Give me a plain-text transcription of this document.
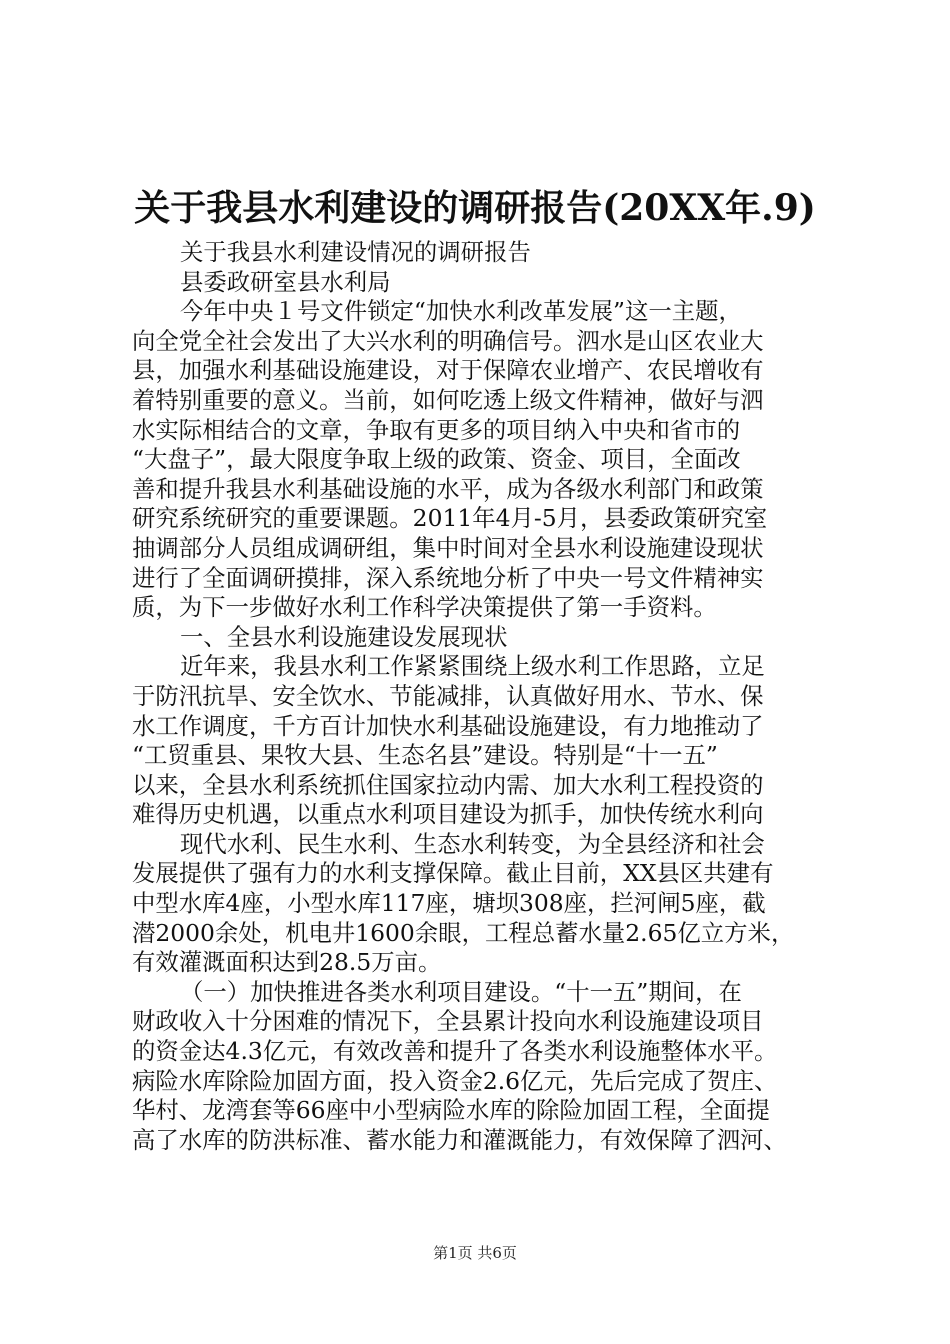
关于我县水利建设的调研报告(20XX年.9)
关于我县水利建设情况的调研报告
县委政研室县水利局
今年中央１号文件锁定“加快水利改革发展”这一主题，
向全党全社会发出了大兴水利的明确信号。泗水是山区农业大
县，加强水利基础设施建设，对于保障农业增产、农民增收有
着特别重要的意义。当前，如何吃透上级文件精神，做好与泗
水实际相结合的文章，争取有更多的项目纳入中央和省市的
“大盘子”，最大限度争取上级的政策、资金、项目，全面改
善和提升我县水利基础设施的水平，成为各级水利部门和政策
研究系统研究的重要课题。2011年4月-5月，县委政策研究室
抽调部分人员组成调研组，集中时间对全县水利设施建设现状
进行了全面调研摸排，深入系统地分析了中央一号文件精神实
质，为下一步做好水利工作科学决策提供了第一手资料。
一、全县水利设施建设发展现状
近年来，我县水利工作紧紧围绕上级水利工作思路，立足
于防汛抗旱、安全饮水、节能减排，认真做好用水、节水、保
水工作调度，千方百计加快水利基础设施建设，有力地推动了
“工贸重县、果牧大县、生态名县”建设。特别是“十一五”
以来，全县水利系统抓住国家拉动内需、加大水利工程投资的
难得历史机遇，以重点水利项目建设为抓手，加快传统水利向
现代水利、民生水利、生态水利转变，为全县经济和社会
发展提供了强有力的水利支撑保障。截止目前，XX县区共建有
中型水库4座，小型水库117座，塘坝308座，拦河闸5座，截
潜2000余处，机电井1600余眼，工程总蓄水量2.65亿立方米，
有效灌溉面积达到28.5万亩。
（一）加快推进各类水利项目建设。“十一五”期间，在
财政收入十分困难的情况下，全县累计投向水利设施建设项目
的资金达4.3亿元，有效改善和提升了各类水利设施整体水平。
病险水库除险加固方面，投入资金2.6亿元，先后完成了贺庄、
华村、龙湾套等66座中小型病险水库的除险加固工程，全面提
高了水库的防洪标准、蓄水能力和灌溉能力，有效保障了泗河、
第1页 共6页
